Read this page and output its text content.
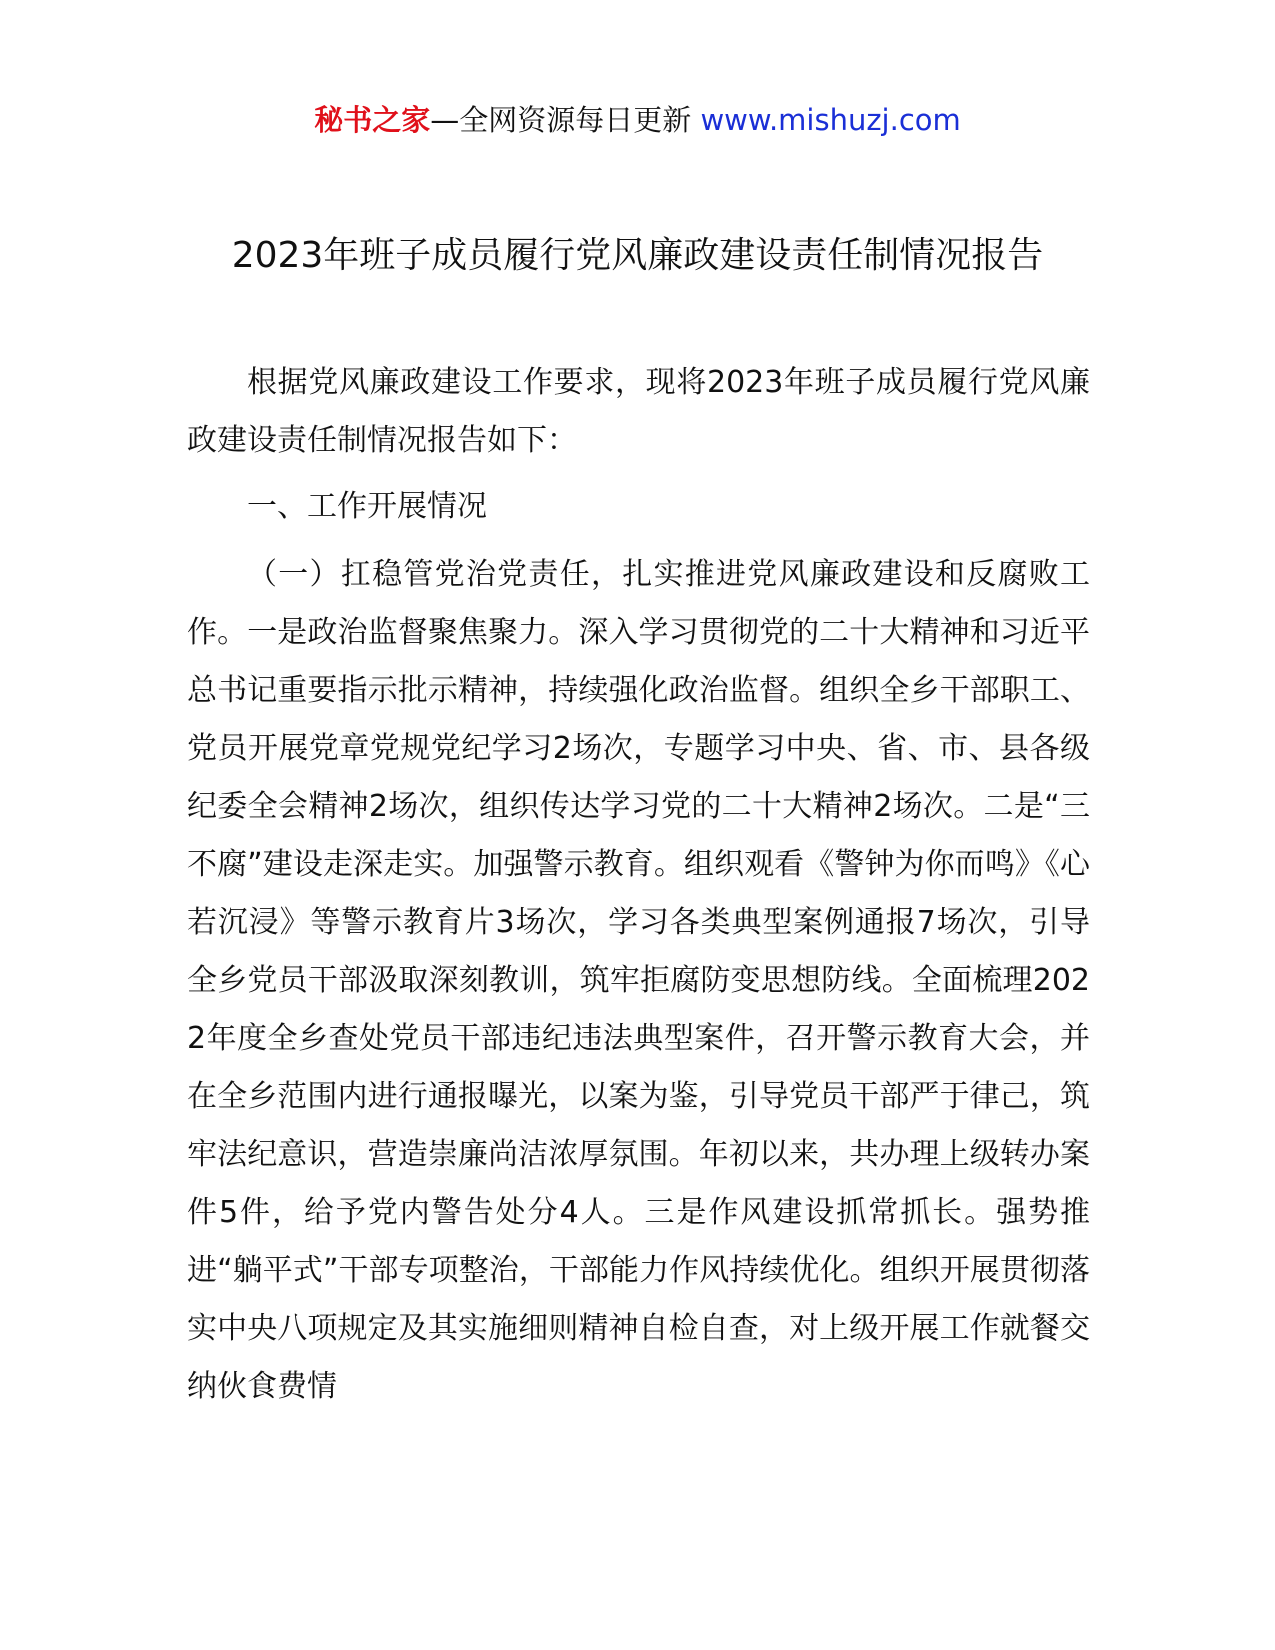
秘书之家—全网资源每日更新 www.mishuzj.com
2023年班子成员履行党风廉政建设责任制情况报告

根据党风廉政建设工作要求，现将2023年班子成员履行党风廉政建设责任制情况报告如下：

一、工作开展情况

（一）扛稳管党治党责任，扎实推进党风廉政建设和反腐败工作。一是政治监督聚焦聚力。深入学习贯彻党的二十大精神和习近平总书记重要指示批示精神，持续强化政治监督。组织全乡干部职工、党员开展党章党规党纪学习2场次，专题学习中央、省、市、县各级纪委全会精神2场次，组织传达学习党的二十大精神2场次。二是“三不腐”建设走深走实。加强警示教育。组织观看《警钟为你而鸣》《心若沉浸》等警示教育片3场次，学习各类典型案例通报7场次，引导全乡党员干部汲取深刻教训，筑牢拒腐防变思想防线。全面梳理2022年度全乡查处党员干部违纪违法典型案件，召开警示教育大会，并在全乡范围内进行通报曝光，以案为鉴，引导党员干部严于律己，筑牢法纪意识，营造崇廉尚洁浓厚氛围。年初以来，共办理上级转办案件5件，给予党内警告处分4人。三是作风建设抓常抓长。强势推进“躺平式”干部专项整治，干部能力作风持续优化。组织开展贯彻落实中央八项规定及其实施细则精神自检自查，对上级开展工作就餐交纳伙食费情
